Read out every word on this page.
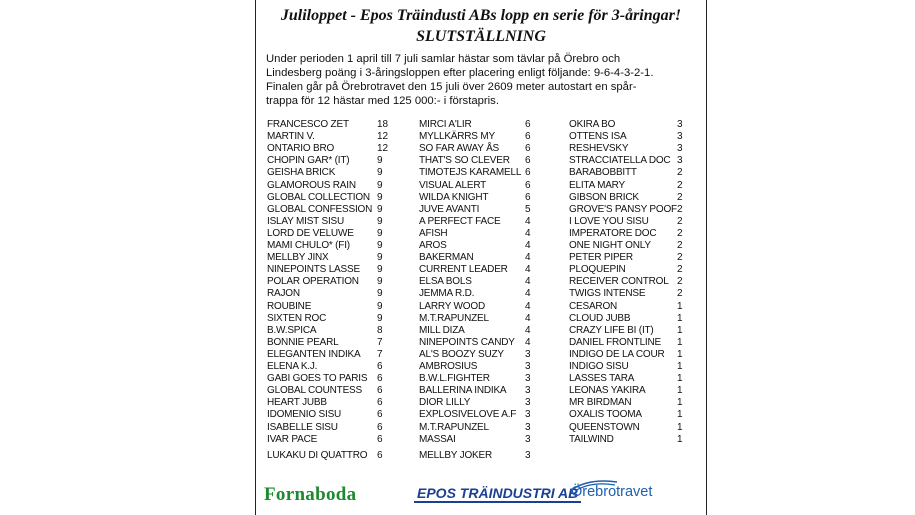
Juliloppet - Epos Träindusti ABs lopp en serie för 3-åringar!
SLUTSTÄLLNING
Under perioden 1 april till 7 juli samlar hästar som tävlar på Örebro och
Lindesberg poäng i 3-åringsloppen efter placering enligt följande: 9-6-4-3-2-1.
Finalen går på Örebrotravet den 15 juli över 2609 meter autostart en spår-
trappa för 12 hästar med 125 000:- i förstapris.
FRANCESCO ZET	18
MARTIN V.	12
ONTARIO BRO	12
CHOPIN GAR* (IT)	9
GEISHA BRICK	9
GLAMOROUS RAIN 9
GLOBAL COLLECTION 9
GLOBAL CONFESSION 9
ISLAY MIST SISU	9
LORD DE VELUWE 9
MAMI CHULO* (FI)	9
MELLBY JINX	9
NINEPOINTS LASSE 9
POLAR OPERATION 9
RAJON	9
ROUBINE	9
SIXTEN ROC	9
B.W.SPICA	8
BONNIE PEARL	7
ELEGANTEN INDIKA 7
ELENA K.J.	6
GABI GOES TO PARIS 6
GLOBAL COUNTESS 6
HEART JUBB	6
IDOMENIO SISU	6
ISABELLE SISU	6
IVAR PACE	6
LUKAKU DI QUATTRO 6
MIRCI A'LIR	6
MYLLKÄRRS MY	6
SO FAR AWAY ÅS	6
THAT'S SO CLEVER 6
TIMOTEJS KARAMELL 6
VISUAL ALERT	6
WILDA KNIGHT	6
JUVE AVANTI	5
A PERFECT FACE 4
AFISH	4
AROS	4
BAKERMAN	4
CURRENT LEADER 4
ELSA BOLS	4
JEMMA R.D.	4
LARRY WOOD	4
M.T.RAPUNZEL	4
MILL DIZA	4
NINEPOINTS CANDY 4
AL'S BOOZY SUZY 3
AMBROSIUS	3
B.W.L.FIGHTER	3
BALLERINA INDIKA 3
DIOR LILLY	3
EXPLOSIVELOVE A.F 3
M.T.RAPUNZEL	3
MASSAI	3
MELLBY JOKER	3
OKIRA BO	3
OTTENS ISA	3
RESHEVSKY	3
STRACCIATELLA DOC 3
BARABOBBITT	2
ELITA MARY	2
GIBSON BRICK	2
GROVE'S PANSY POOF 2
I LOVE YOU SISU	2
IMPERATORE DOC 2
ONE NIGHT ONLY	2
PETER PIPER	2
PLOQUEPIN	2
RECEIVER CONTROL 2
TWIGS INTENSE	2
CESARON	1
CLOUD JUBB	1
CRAZY LIFE BI (IT) 1
DANIEL FRONTLINE 1
INDIGO DE LA COUR 1
INDIGO SISU	1
LASSES TARA	1
LEONAS YAKIRA	1
MR BIRDMAN	1
OXALIS TOOMA	1
QUEENSTOWN	1
TAILWIND	1
Fornaboda	EPOS TRÄINDUSTRI AB
Örebrotravet
